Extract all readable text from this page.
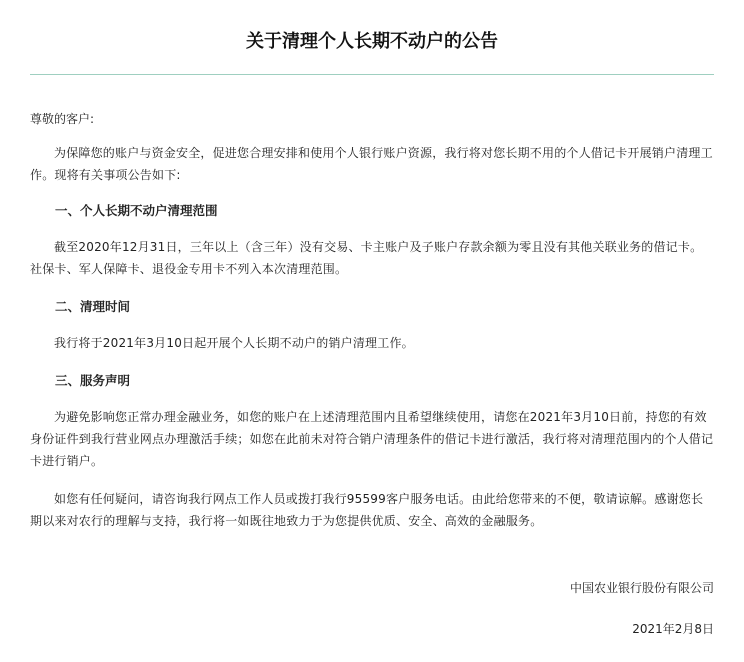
关于清理个人长期不动户的公告

尊敬的客户:

为保障您的账户与资金安全，促进您合理安排和使用个人银行账户资源，我行将对您长期不用的个人借记卡开展销户清理工作。现将有关事项公告如下:

一、个人长期不动户清理范围

截至2020年12月31日，三年以上（含三年）没有交易、卡主账户及子账户存款余额为零且没有其他关联业务的借记卡。社保卡、军人保障卡、退役金专用卡不列入本次清理范围。

二、清理时间

我行将于2021年3月10日起开展个人长期不动户的销户清理工作。

三、服务声明

为避免影响您正常办理金融业务，如您的账户在上述清理范围内且希望继续使用，请您在2021年3月10日前，持您的有效身份证件到我行营业网点办理激活手续；如您在此前未对符合销户清理条件的借记卡进行激活，我行将对清理范围内的个人借记卡进行销户。

如您有任何疑问，请咨询我行网点工作人员或拨打我行95599客户服务电话。由此给您带来的不便，敬请谅解。感谢您长期以来对农行的理解与支持，我行将一如既往地致力于为您提供优质、安全、高效的金融服务。

中国农业银行股份有限公司
2021年2月8日
